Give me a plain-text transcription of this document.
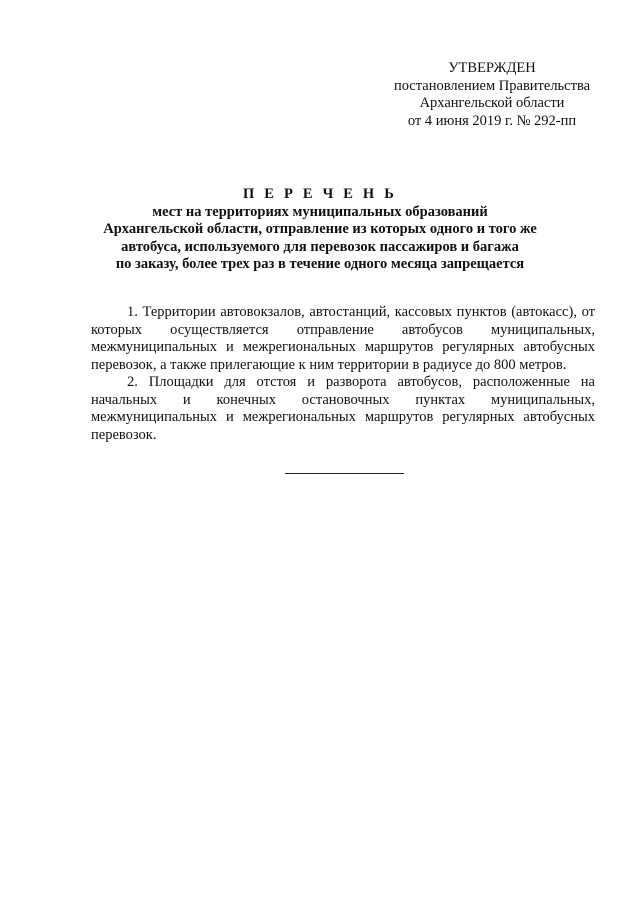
УТВЕРЖДЕН
постановлением Правительства
Архангельской области
от 4 июня 2019 г. № 292-пп
П Е Р Е Ч Е Н Ь
мест на территориях муниципальных образований
Архангельской области, отправление из которых одного и того же
автобуса, используемого для перевозок пассажиров и багажа
по заказу, более трех раз в течение одного месяца запрещается

1. Территории автовокзалов, автостанций, кассовых пунктов (автокасс), от которых осуществляется отправление автобусов муниципальных, межмуниципальных и межрегиональных маршрутов регулярных автобусных перевозок, а также прилегающие к ним территории в радиусе до 800 метров.

2. Площадки для отстоя и разворота автобусов, расположенные на начальных и конечных остановочных пунктах муниципальных, межмуниципальных и межрегиональных маршрутов регулярных автобусных перевозок.
